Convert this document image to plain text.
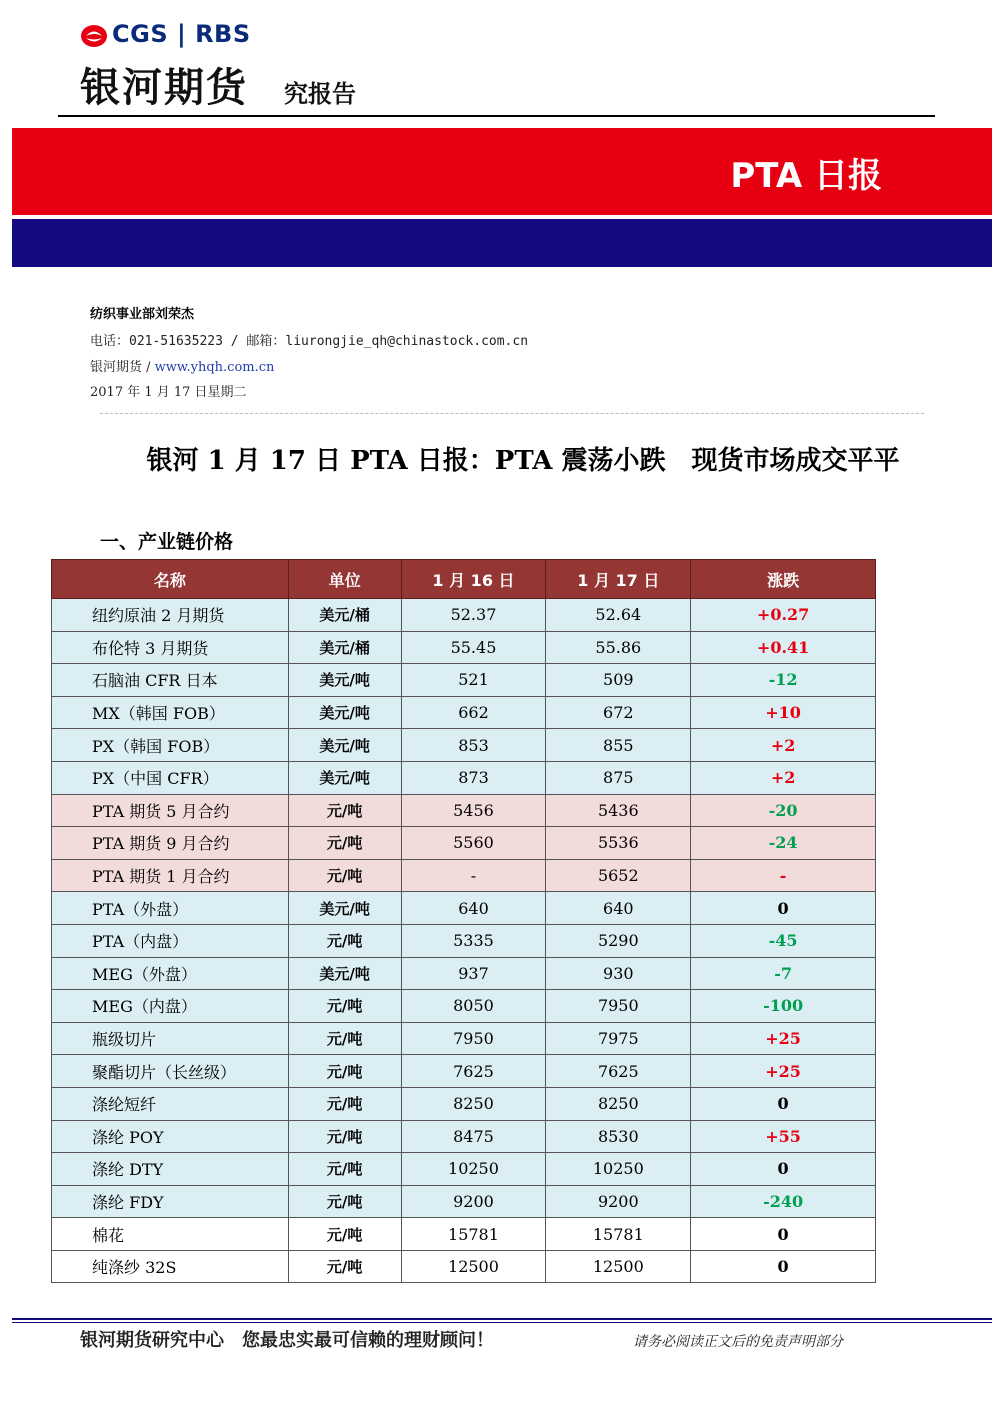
CGS | RBS
银河期货 究报告
PTA 日报
纺织事业部刘荣杰
电话：021-51635223 / 邮箱：liurongjie_qh@chinastock.com.cn
银河期货 / www.yhqh.com.cn
2017 年 1 月 17 日星期二
银河 1 月 17 日 PTA 日报：PTA 震荡小跌　现货市场成交平平
一、产业链价格
名称	单位	1 月 16 日	1 月 17 日	涨跌
纽约原油 2 月期货	美元/桶	52.37	52.64	+0.27
布伦特 3 月期货	美元/桶	55.45	55.86	+0.41
石脑油 CFR 日本	美元/吨	521	509	-12
MX（韩国 FOB）	美元/吨	662	672	+10
PX（韩国 FOB）	美元/吨	853	855	+2
PX（中国 CFR）	美元/吨	873	875	+2
PTA 期货 5 月合约	元/吨	5456	5436	-20
PTA 期货 9 月合约	元/吨	5560	5536	-24
PTA 期货 1 月合约	元/吨	-	5652	-
PTA（外盘）	美元/吨	640	640	0
PTA（内盘）	元/吨	5335	5290	-45
MEG（外盘）	美元/吨	937	930	-7
MEG（内盘）	元/吨	8050	7950	-100
瓶级切片	元/吨	7950	7975	+25
聚酯切片（长丝级）	元/吨	7625	7625	+25
涤纶短纤	元/吨	8250	8250	0
涤纶 POY	元/吨	8475	8530	+55
涤纶 DTY	元/吨	10250	10250	0
涤纶 FDY	元/吨	9200	9200	-240
棉花	元/吨	15781	15781	0
纯涤纱 32S	元/吨	12500	12500	0
银河期货研究中心　您最忠实最可信赖的理财顾问！	请务必阅读正文后的免责声明部分
